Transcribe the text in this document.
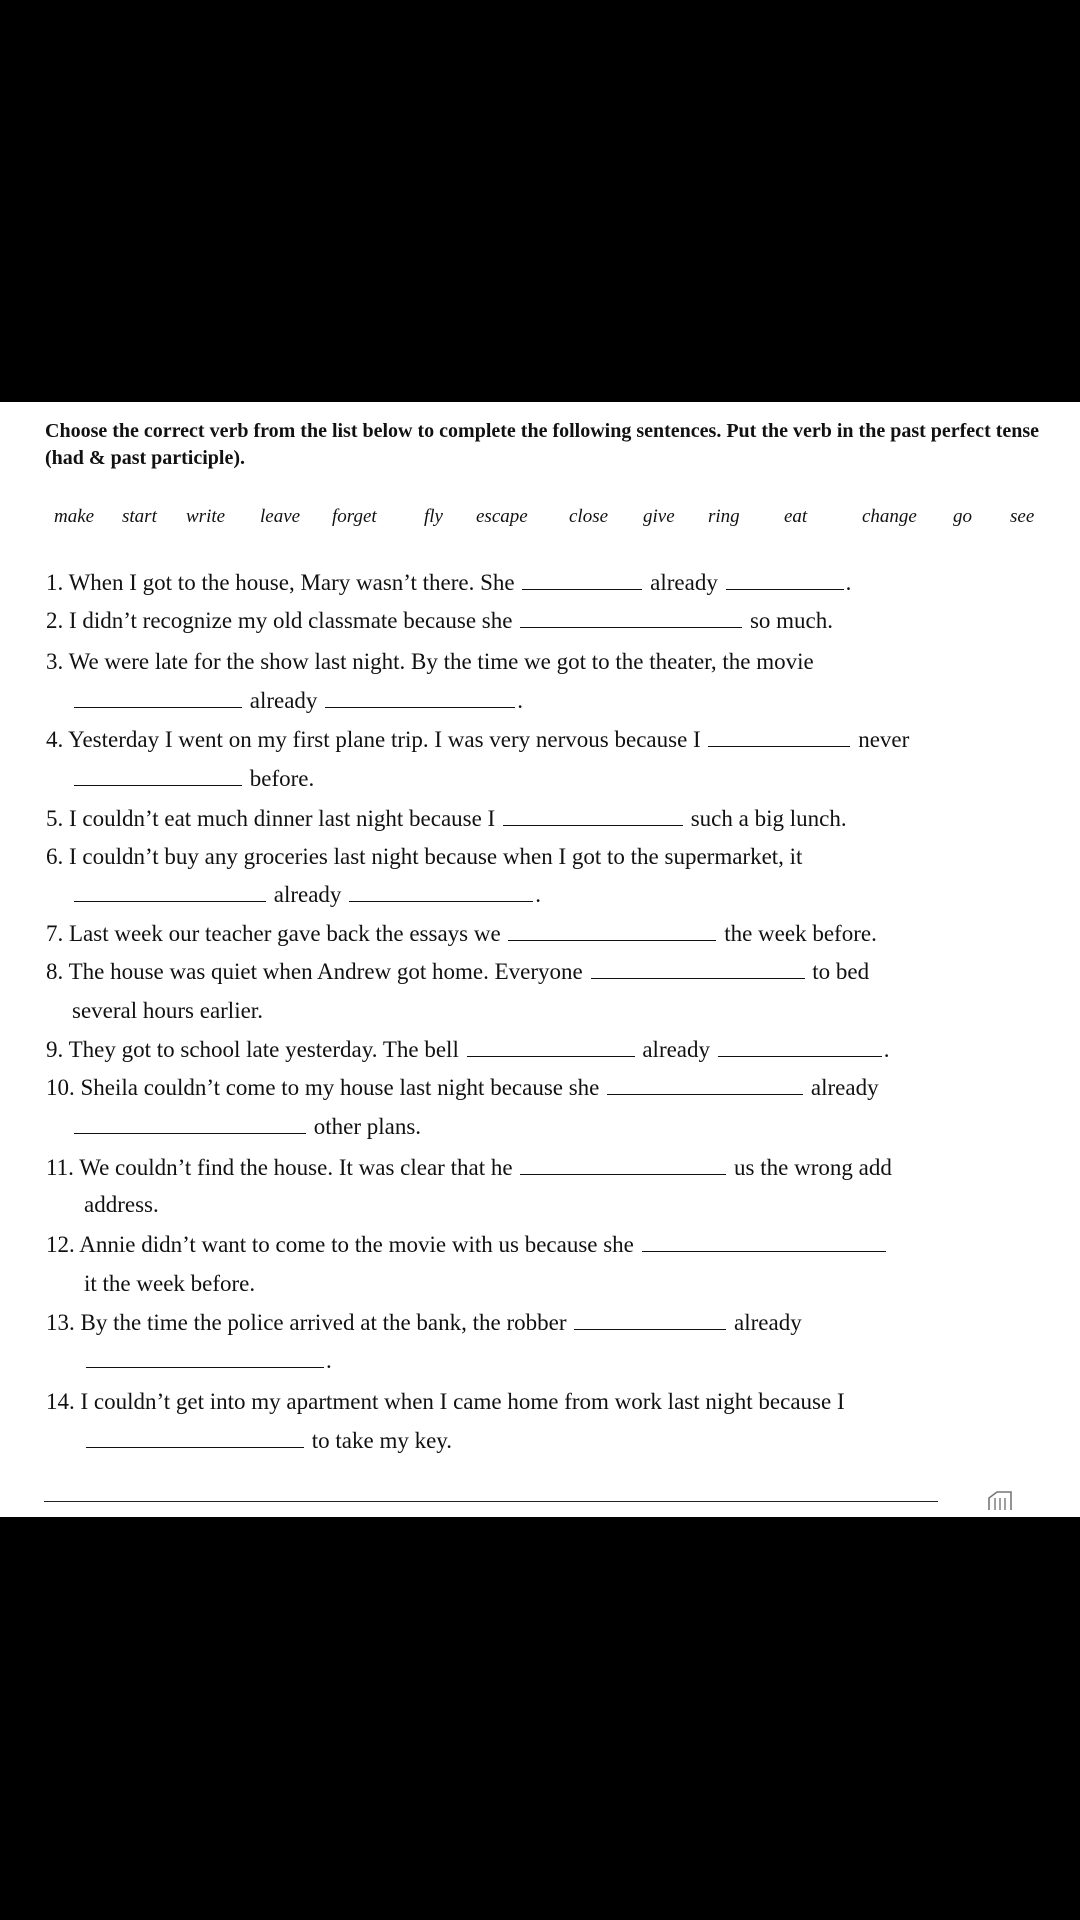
Choose the correct verb from the list below to complete the following sentences. Put the verb in the past perfect tense (had & past participle).
make start write leave forget fly escape close give ring eat	change go see
1. When I got to the house, Mary wasn’t there. She	already	.
2. I didn’t recognize my old classmate because she	so much.
3. We were late for the show last night. By the time we got to the theater, the movie
already	.
4. Yesterday I went on my first plane trip. I was very nervous because I	never
before.
5. I couldn’t eat much dinner last night because I	such a big lunch.
6. I couldn’t buy any groceries last night because when I got to the supermarket, it
already	.
7. Last week our teacher gave back the essays we	the week before.
8. The house was quiet when Andrew got home. Everyone	to bed
several hours earlier.
9. They got to school late yesterday. The bell	already	.
10. Sheila couldn’t come to my house last night because she	already
other plans.
11. We couldn’t find the house. It was clear that he	us the wrong add
address.
12. Annie didn’t want to come to the movie with us because she
it the week before.
13. By the time the police arrived at the bank, the robber	already
.
14. I couldn’t get into my apartment when I came home from work last night because I
to take my key.
